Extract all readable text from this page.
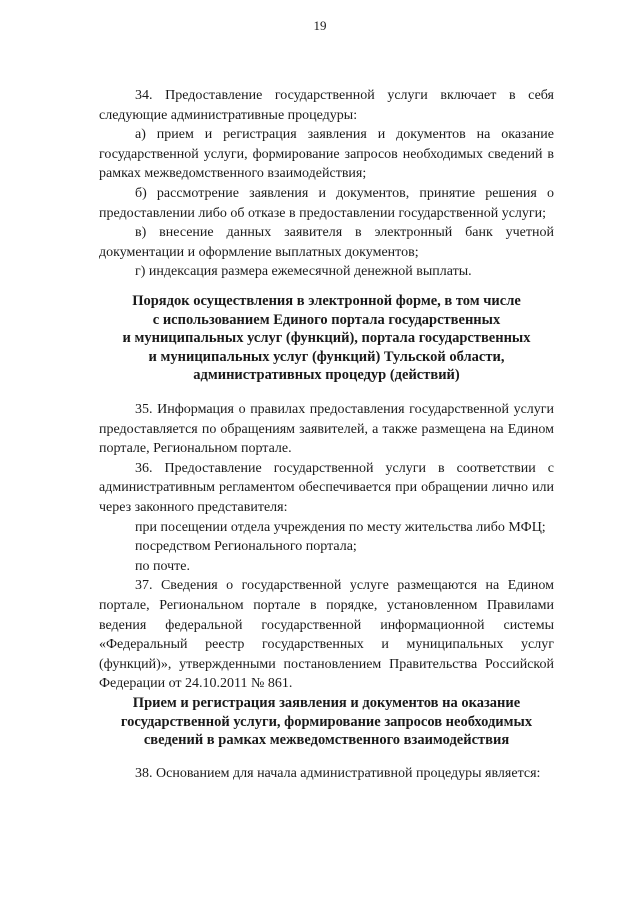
19

34. Предоставление государственной услуги включает в себя следующие административные процедуры:

а) прием и регистрация заявления и документов на оказание государственной услуги, формирование запросов необходимых сведений в рамках межведомственного взаимодействия;

б) рассмотрение заявления и документов, принятие решения о предоставлении либо об отказе в предоставлении государственной услуги;

в) внесение данных заявителя в электронный банк учетной документации и оформление выплатных документов;

г) индексация размера ежемесячной денежной выплаты.

Порядок осуществления в электронной форме, в том числе

с использованием Единого портала государственных

и муниципальных услуг (функций), портала государственных

и муниципальных услуг (функций) Тульской области,

административных процедур (действий)

35. Информация о правилах предоставления государственной услуги предоставляется по обращениям заявителей, а также размещена на Едином портале, Региональном портале.

36. Предоставление государственной услуги в соответствии с административным регламентом обеспечивается при обращении лично или через законного представителя:

при посещении отдела учреждения по месту жительства либо МФЦ;

посредством Регионального портала;

по почте.

37. Сведения о государственной услуге размещаются на Едином портале, Региональном портале в порядке, установленном Правилами ведения федеральной государственной информационной системы «Федеральный реестр государственных и муниципальных услуг (функций)», утвержденными постановлением Правительства Российской Федерации от 24.10.2011 № 861.

Прием и регистрация заявления и документов на оказание

государственной услуги, формирование запросов необходимых

сведений в рамках межведомственного взаимодействия

38. Основанием для начала административной процедуры является:
